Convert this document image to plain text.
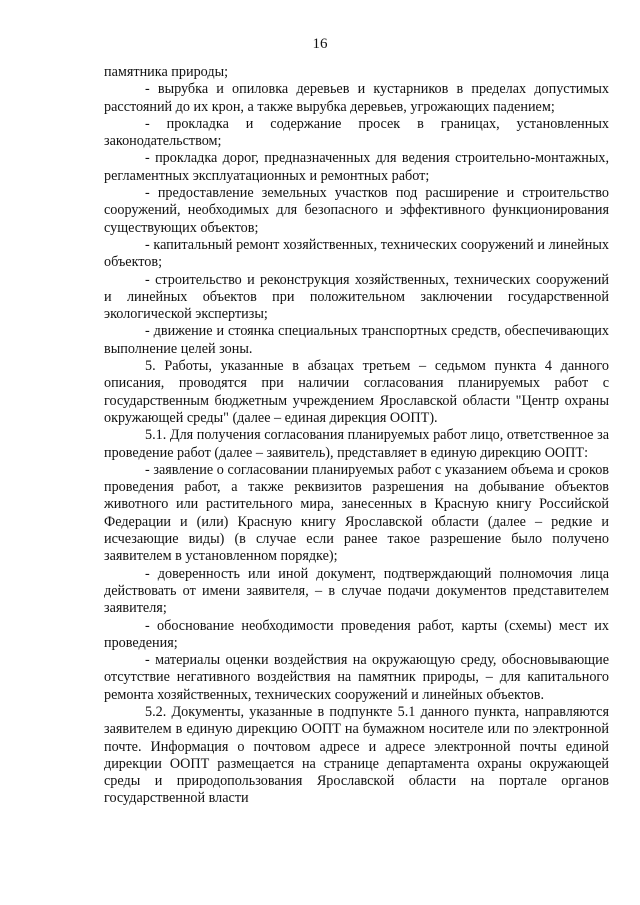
16

памятника природы;

- вырубка и опиловка деревьев и кустарников в пределах допустимых расстояний до их крон, а также вырубка деревьев, угрожающих падением;

- прокладка и содержание просек в границах, установленных законодательством;

- прокладка дорог, предназначенных для ведения строительно-монтажных, регламентных эксплуатационных и ремонтных работ;

- предоставление земельных участков под расширение и строительство сооружений, необходимых для безопасного и эффективного функционирования существующих объектов;

- капитальный ремонт хозяйственных, технических сооружений и линейных объектов;

- строительство и реконструкция хозяйственных, технических сооружений и линейных объектов при положительном заключении государственной экологической экспертизы;

- движение и стоянка специальных транспортных средств, обеспечивающих выполнение целей зоны.

5. Работы, указанные в абзацах третьем – седьмом пункта 4 данного описания, проводятся при наличии согласования планируемых работ с государственным бюджетным учреждением Ярославской области "Центр охраны окружающей среды" (далее – единая дирекция ООПТ).

5.1. Для получения согласования планируемых работ лицо, ответственное за проведение работ (далее – заявитель), представляет в единую дирекцию ООПТ:

- заявление о согласовании планируемых работ с указанием объема и сроков проведения работ, а также реквизитов разрешения на добывание объектов животного или растительного мира, занесенных в Красную книгу Российской Федерации и (или) Красную книгу Ярославской области (далее – редкие и исчезающие виды) (в случае если ранее такое разрешение было получено заявителем в установленном порядке);

- доверенность или иной документ, подтверждающий полномочия лица действовать от имени заявителя, – в случае подачи документов представителем заявителя;

- обоснование необходимости проведения работ, карты (схемы) мест их проведения;

- материалы оценки воздействия на окружающую среду, обосновывающие отсутствие негативного воздействия на памятник природы, – для капитального ремонта хозяйственных, технических сооружений и линейных объектов.

5.2. Документы, указанные в подпункте 5.1 данного пункта, направляются заявителем в единую дирекцию ООПТ на бумажном носителе или по электронной почте. Информация о почтовом адресе и адресе электронной почты единой дирекции ООПТ размещается на странице департамента охраны окружающей среды и природопользования Ярославской области на портале органов государственной власти
